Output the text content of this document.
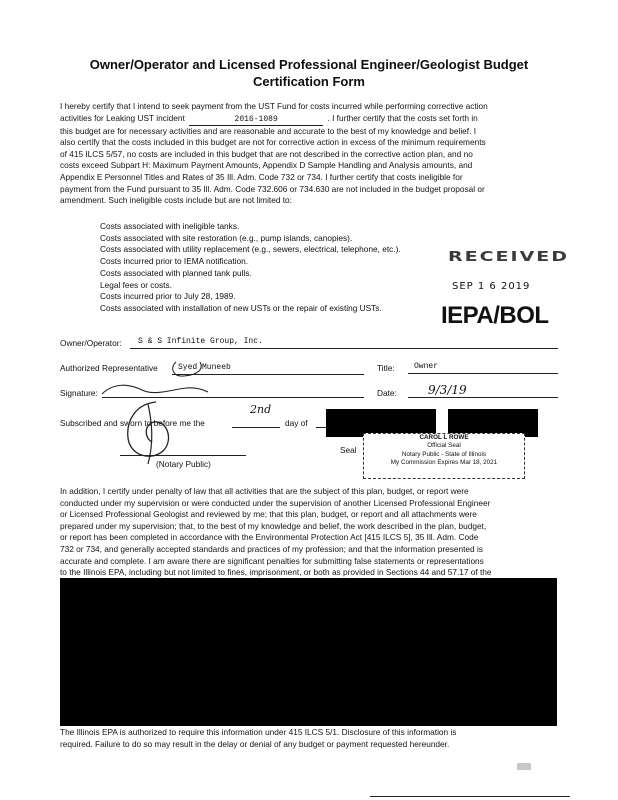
Owner/Operator and Licensed Professional Engineer/Geologist Budget
Certification Form
I hereby certify that I intend to seek payment from the UST Fund for costs incurred while performing corrective action
activities for Leaking UST incident	2016-1089	. I further certify that the costs set forth in
this budget are for necessary activities and are reasonable and accurate to the best of my knowledge and belief. I
also certify that the costs included in this budget are not for corrective action in excess of the minimum requirements
of 415 ILCS 5/57, no costs are included in this budget that are not described in the corrective action plan, and no
costs exceed Subpart H: Maximum Payment Amounts, Appendix D Sample Handling and Analysis amounts, and
Appendix E Personnel Titles and Rates of 35 Ill. Adm. Code 732 or 734. I further certify that costs ineligible for
payment from the Fund pursuant to 35 Ill. Adm. Code 732.606 or 734.630 are not included in the budget proposal or
amendment. Such ineligible costs include but are not limited to:
Costs associated with ineligible tanks.
Costs associated with site restoration (e.g., pump islands, canopies).
Costs associated with utility replacement (e.g., sewers, electrical, telephone, etc.).
Costs incurred prior to IEMA notification.
Costs associated with planned tank pulls.
Legal fees or costs.
Costs incurred prior to July 28, 1989.
Costs associated with installation of new USTs or the repair of existing USTs.
RECEIVED
SEP 1 6 2019
IEPA/BOL
Owner/Operator: S & S Infinite Group, Inc.
Authorized Representative	Syed Muneeb	Title: Owner
Signature:	Date:	9/3/19
Subscribed and sworn to before me the
2nd
day of
(Notary Public)
Seal
CAROL L ROWE
Official Seal
Notary Public - State of Illinois
My Commission Expires Mar 18, 2021
In addition, I certify under penalty of law that all activities that are the subject of this plan, budget, or report were
conducted under my supervision or were conducted under the supervision of another Licensed Professional Engineer
or Licensed Professional Geologist and reviewed by me; that this plan, budget, or report and all attachments were
prepared under my supervision; that, to the best of my knowledge and belief, the work described in the plan, budget,
or report has been completed in accordance with the Environmental Protection Act [415 ILCS 5], 35 Ill. Adm. Code
732 or 734, and generally accepted standards and practices of my profession; and that the information presented is
accurate and complete. I am aware there are significant penalties for submitting false statements or representations
to the Illinois EPA, including but not limited to fines, imprisonment, or both as provided in Sections 44 and 57.17 of the
The Illinois EPA is authorized to require this information under 415 ILCS 5/1. Disclosure of this information is
required. Failure to do so may result in the delay or denial of any budget or payment requested hereunder.
